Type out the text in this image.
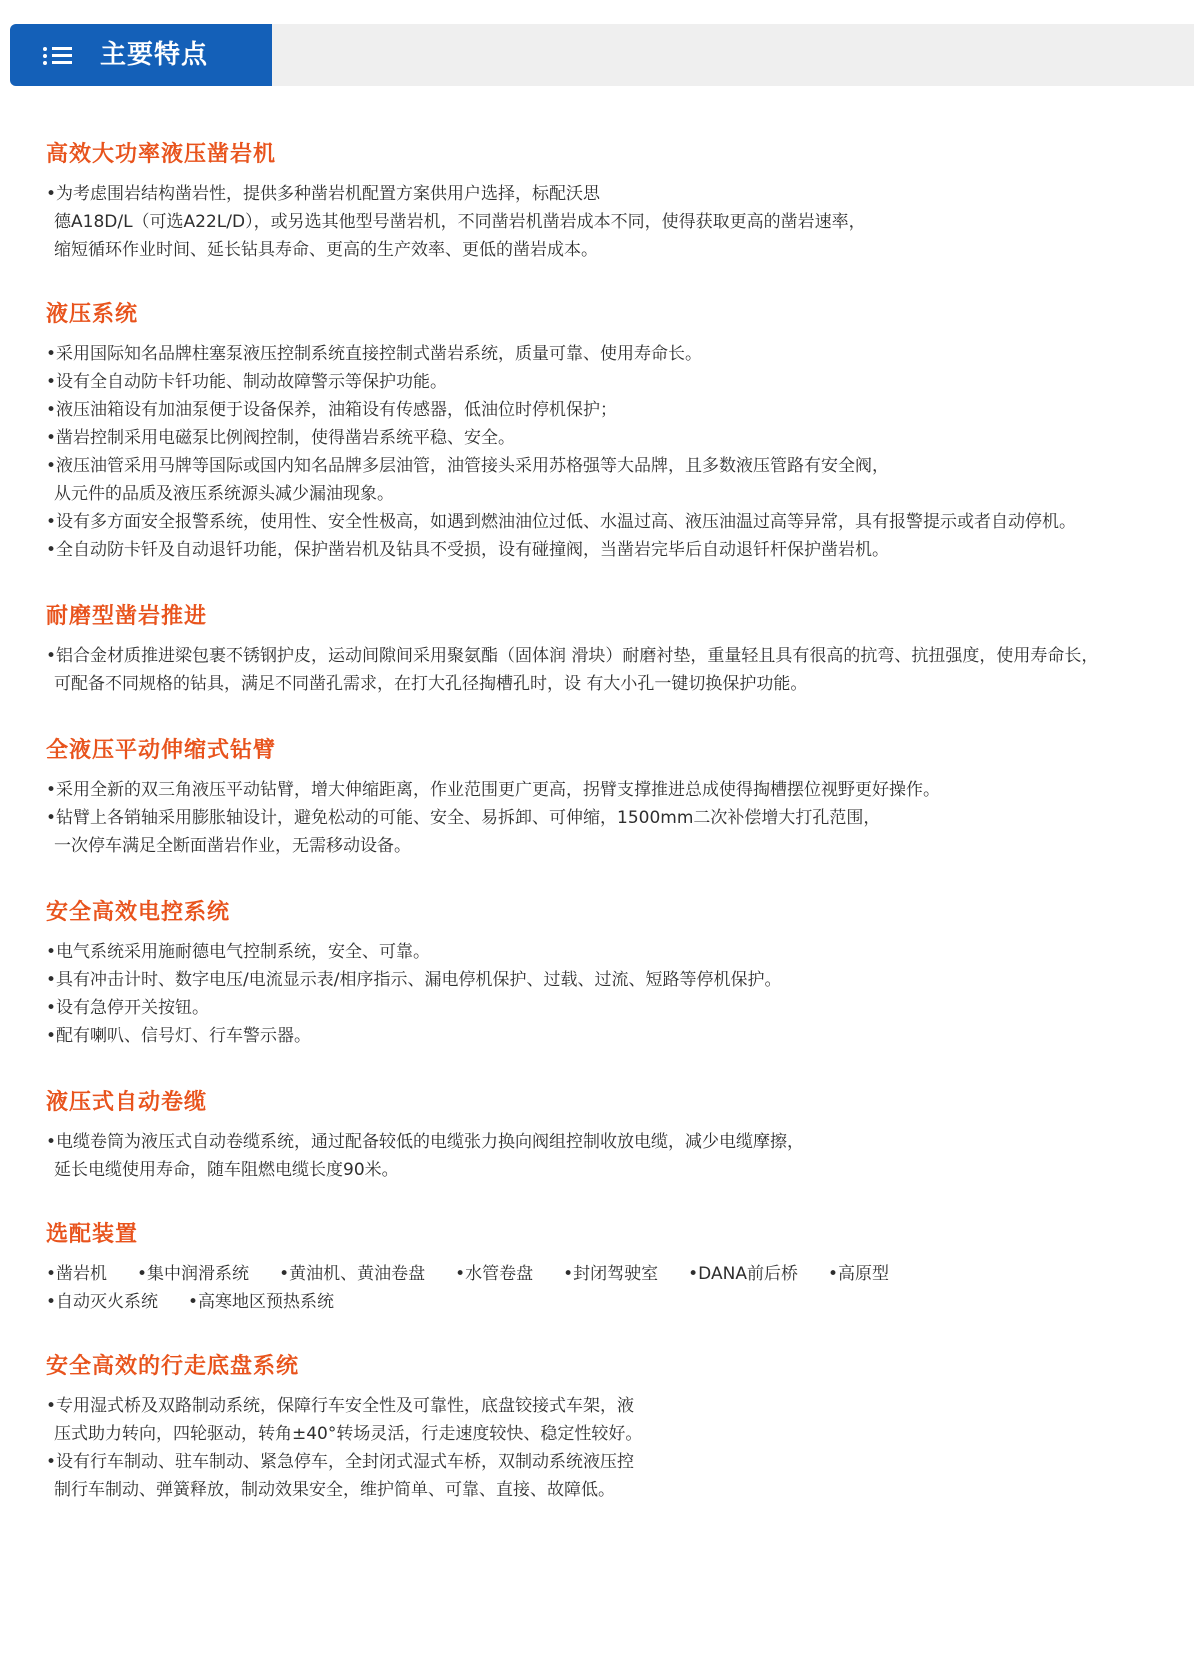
主要特点
高效大功率液压凿岩机
•为考虑围岩结构凿岩性，提供多种凿岩机配置方案供用户选择，标配沃思
德A18D/L（可选A22L/D），或另选其他型号凿岩机，不同凿岩机凿岩成本不同，使得获取更高的凿岩速率，
缩短循环作业时间、延长钻具寿命、更高的生产效率、更低的凿岩成本。
液压系统
•采用国际知名品牌柱塞泵液压控制系统直接控制式凿岩系统，质量可靠、使用寿命长。
•设有全自动防卡钎功能、制动故障警示等保护功能。
•液压油箱设有加油泵便于设备保养，油箱设有传感器，低油位时停机保护；
•凿岩控制采用电磁泵比例阀控制，使得凿岩系统平稳、安全。
•液压油管采用马牌等国际或国内知名品牌多层油管，油管接头采用苏格强等大品牌，且多数液压管路有安全阀，
从元件的品质及液压系统源头减少漏油现象。
•设有多方面安全报警系统，使用性、安全性极高，如遇到燃油油位过低、水温过高、液压油温过高等异常，具有报警提示或者自动停机。
•全自动防卡钎及自动退钎功能，保护凿岩机及钻具不受损，设有碰撞阀，当凿岩完毕后自动退钎杆保护凿岩机。
耐磨型凿岩推进
•铝合金材质推进梁包裹不锈钢护皮，运动间隙间采用聚氨酯（固体润 滑块）耐磨衬垫，重量轻且具有很高的抗弯、抗扭强度，使用寿命长，
可配备不同规格的钻具，满足不同凿孔需求，在打大孔径掏槽孔时，设 有大小孔一键切换保护功能。
全液压平动伸缩式钻臂
•采用全新的双三角液压平动钻臂，增大伸缩距离，作业范围更广更高，拐臂支撑推进总成使得掏槽摆位视野更好操作。
•钻臂上各销轴采用膨胀轴设计，避免松动的可能、安全、易拆卸、可伸缩，1500mm二次补偿增大打孔范围，
一次停车满足全断面凿岩作业，无需移动设备。
安全高效电控系统
•电气系统采用施耐德电气控制系统，安全、可靠。
•具有冲击计时、数字电压/电流显示表/相序指示、漏电停机保护、过载、过流、短路等停机保护。
•设有急停开关按钮。
•配有喇叭、信号灯、行车警示器。
液压式自动卷缆
•电缆卷筒为液压式自动卷缆系统，通过配备较低的电缆张力换向阀组控制收放电缆，减少电缆摩擦，
延长电缆使用寿命，随车阻燃电缆长度90米。
选配装置
•凿岩机 •集中润滑系统 •黄油机、黄油卷盘 •水管卷盘 •封闭驾驶室 •DANA前后桥 •高原型
•自动灭火系统 •高寒地区预热系统
安全高效的行走底盘系统
•专用湿式桥及双路制动系统，保障行车安全性及可靠性，底盘铰接式车架，液
压式助力转向，四轮驱动，转角±40°转场灵活，行走速度较快、稳定性较好。
•设有行车制动、驻车制动、紧急停车，全封闭式湿式车桥，双制动系统液压控
制行车制动、弹簧释放，制动效果安全，维护简单、可靠、直接、故障低。
